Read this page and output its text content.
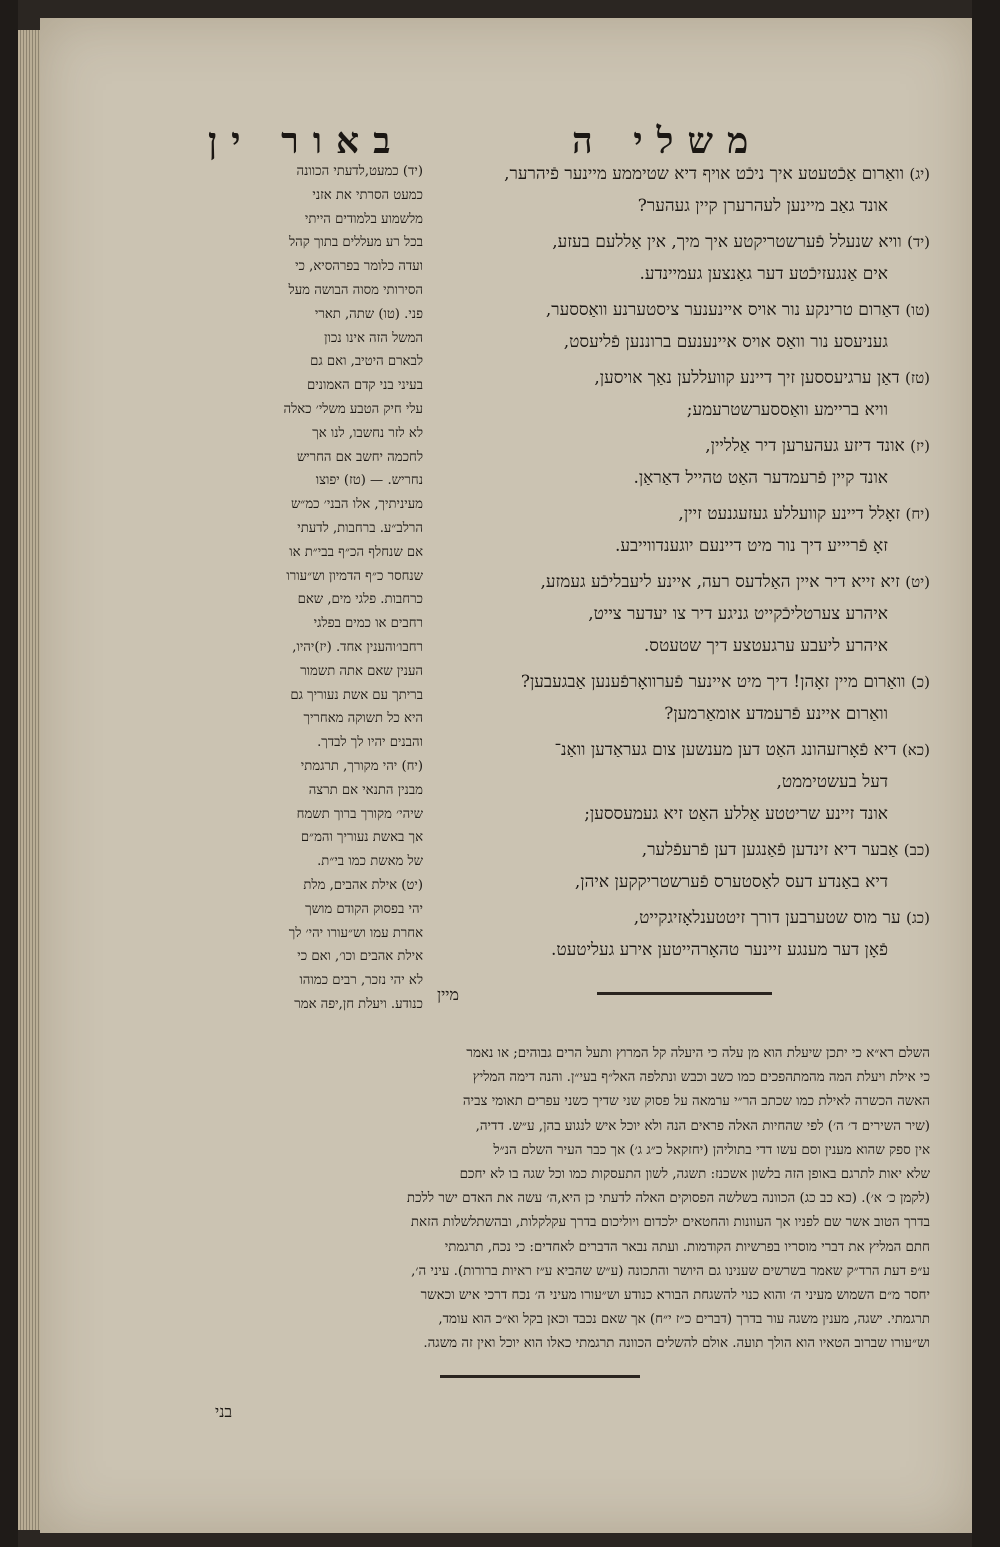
משלי ה
באור ין
(יג) וואַרום אַכֿטעטע איך ניכֿט אויף דיא שטיממע מיינער פֿיהרער,
אונד גאַב מיינען לעהרערן קיין געהער?
(יד) וויא שנעלל פֿערשטריקטע איך מיך, אין אַללעם בעזע,
אים אַנגעזיכֿטע דער גאַנצען געמיינדע.
(טו) דאַרום טרינקע נור אויס איינענער ציסטערנע וואַססער,
געניעסע נור וואַס אויס איינענעם ברוננען פֿליעסט,
(טז) דאַן ערגיעססען זיך דיינע קוועללען נאַך אויסען,
וויא בריימע וואַססערשטרעמע;
(יז) אונד דיזע געהערען דיר אַלליין,
אונד קיין פֿרעמדער האַט טהייל דאַראַן.
(יח) זאָלל דיינע קוועללע געזעגנעט זיין,
זאָ פֿריייע דיך נור מיט דיינעם יוגענדווייבע.
(יט) זיא זייא דיר איין האַלדעס רעה, איינע ליעבליכֿע געמזע,
איהרע צערטליכֿקייט גניגע דיר צו יעדער צייט,
איהרע ליעבע ערגעטצע דיך שטעטס.
(כ) וואַרום מיין זאָהן! דיך מיט איינער פֿערוואָרפֿענען אַבגעבען?
וואַרום איינע פֿרעמדע אומאַרמען?
(כא) דיא פֿאָרזעהונג האַט דען מענשען צום געראַדען וואַנ־
דעל בעשטיממט,
אונד זיינע שריטטע אַללע האַט זיא געמעססען;
(כב) אַבער דיא זינדען פֿאַנגען דען פֿרעפֿלער,
דיא באַנדע דעס לאַסטערס פֿערשטריקקען איהן,
(כג) ער מוס שטערבען דורך זיטטענלאָזיגקייט,
פֿאָן דער מענגע זיינער טהאָרהייטען אירע געליטעט.
(יד) כמעט,לדעתי הכוונה
כמעט הסרתי את אזני
מלשמוע בלמודים הייתי
בכל רע מעללים בתוך קהל
ועדה כלומר בפרהסיא, כי
הסירותי מסוה הבושה מעל
פני. (טו) שתה, תארי
המשל הזה אינו נכון
לבארם היטיב, ואם גם
בעיני בני קדם האמונים
עלי חיק הטבע משלי׳ כאלה
לא לזר נחשבו, לנו אך
לחכמה יחשב אם החריש
נחריש. — (טז) יפוצו
מעיניתיך, אלו הבני׳ כמ״ש
הרלב״ע. ברחבות, לדעתי
אם שנחלף הכ״ף בבי״ת או
שנחסר כ״ף הדמיון וש״עורו
כרחבות. פלגי מים, שאם
רחבים או כמים בפלגי
רחבו׳והענין אחד. (יז)יהיו,
הענין שאם אתה תשמור
בריתך עם אשת נעוריך גם
היא כל תשוקה מאחריך
והבנים יהיו לך לבדך.
(יח) יהי מקורך, תרגמתי
מבנין התנאי אם תרצה
שיהי׳ מקורך ברוך תשמח
אך באשת נעוריך והמ״ם
של מאשת כמו בי״ת.
(יט) אילת אהבים, מלת
יהי בפסוק הקודם מושך
אחרת עמו וש״עורו יהי׳ לך
אילת אהבים וכו׳, ואם כי
לא יהי נזכר, רבים כמוהו
כנודע. ויעלת חן,יפה אמר
מיין
השלם רא״א כי יתכן שיעלת הוא מן עלה כי היעלה קל המרוץ ותעל הרים גבוהים; או נאמר
כי אילת ויעלת המה מהמתהפכים כמו כשב וכבש ונתלפה האל״ף בעי״ן. והנה דימה המליץ
האשה הכשרה לאילת כמו שכתב הר״י ערמאה על פסוק שני שדיך כשני עפרים תאומי צביה
(שיר השירים ד׳ ה׳) לפי שהחיות האלה פראים הנה ולא יוכל איש לנגוע בהן, ע״ש. דדיה,
אין ספק שהוא מענין וסם עשו דדי בתוליהן (יחזקאל כ״ג ג׳) אך כבר העיר השלם הנ״ל
שלא יאות לתרגם באופן הזה בלשון אשכנז: תשגה, לשון התעסקות כמו וכל שגה בו לא יחכם
(לקמן כ׳ א׳). (כא כב כג) הכוונה בשלשה הפסוקים האלה לדעתי כן היא,ה׳ עשה את האדם ישר ללכת
בדרך הטוב אשר שם לפניו אך העוונות והחטאים ילכדום ויוליכום בדרך עקלקלות, ובהשתלשלות הזאת
חתם המליץ את דברי מוסריו בפרשיות הקודמות. ועתה נבאר הדברים לאחדים: כי נכח, תרגמתי
ע״פ דעת הרד״ק שאמר בשרשים שענינו גם היושר והתכונה (ע״ש שהביא ע״ז ראיות ברורות). עיני ה׳,
יחסר מ״ם השמוש מעיני ה׳ והוא כנוי להשגחת הבורא כנודע וש״עורו מעיני ה׳ נכח דרכי איש וכאשר
תרגמתי. ישגה, מענין משגה עור בדרך (דברים כ״ז י״ח) אך שאם נכבד וכאן בקל וא״כ הוא עומד,
וש״עורו שברוב הטאיו הוא הולך תועה. אולם להשלים הכוונה תרגמתי כאלו הוא יוכל ואין זה משגה.
בני
